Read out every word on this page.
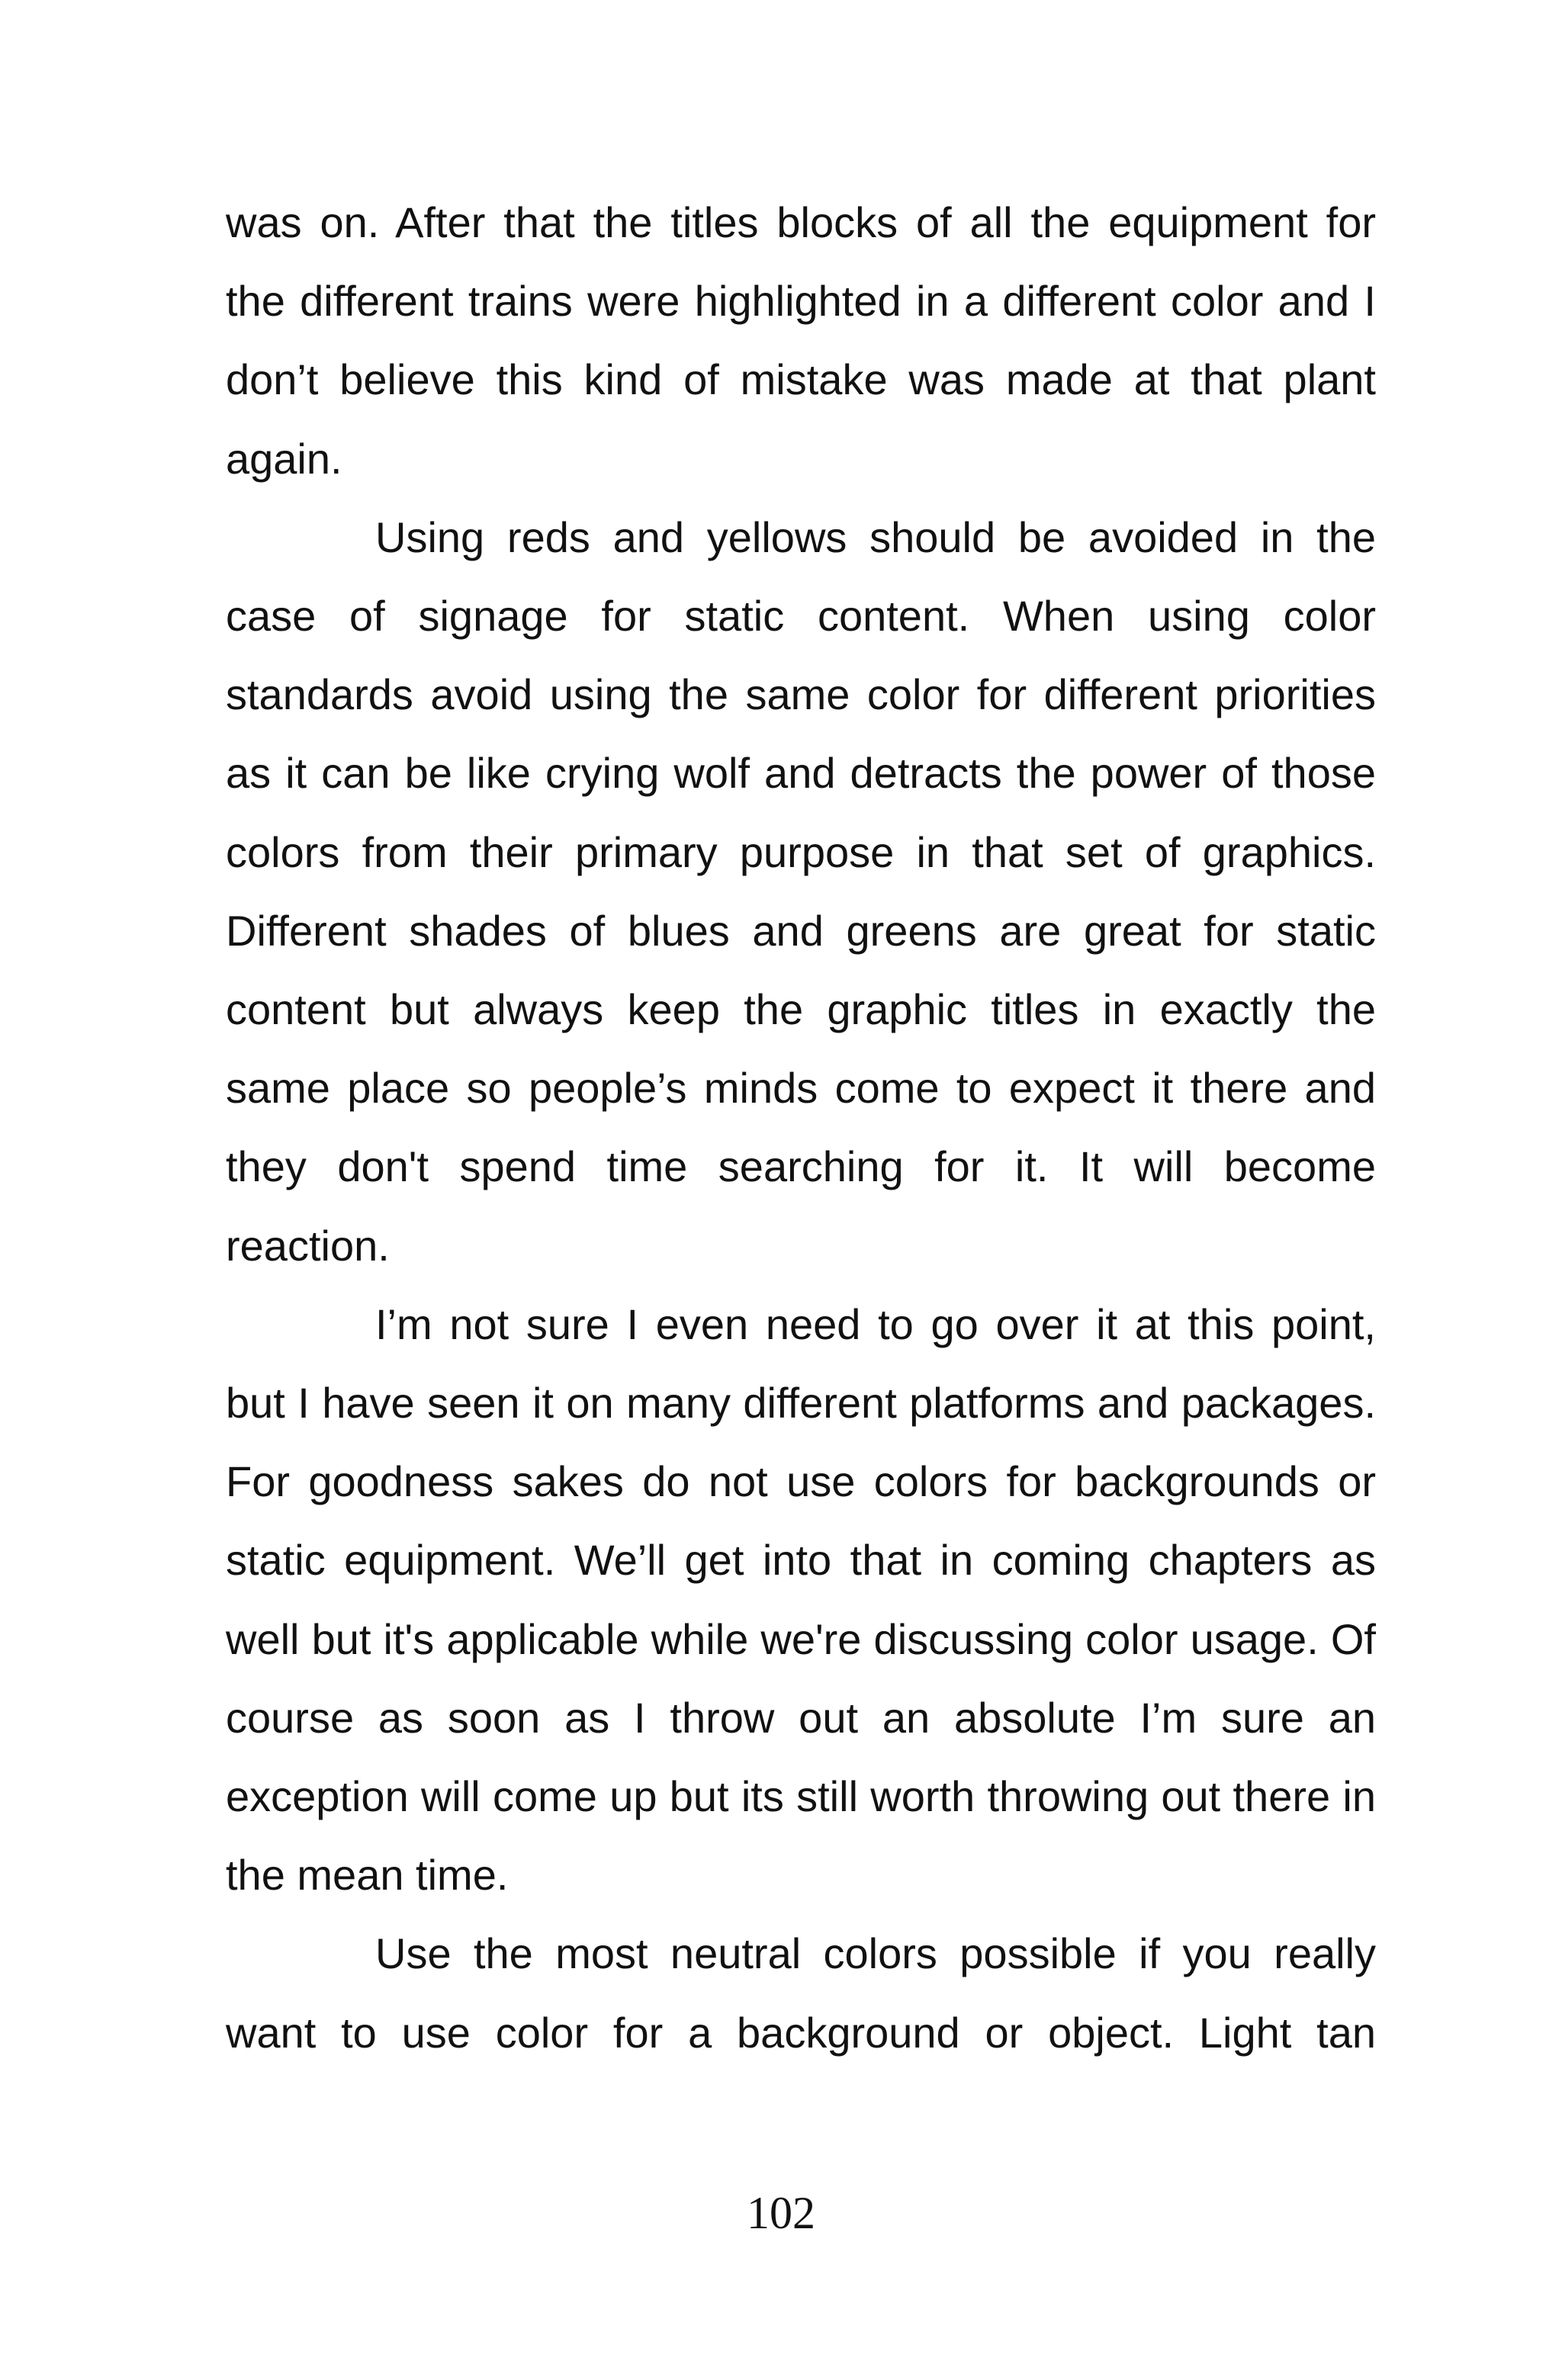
was on. After that the titles blocks of all the equipment for the different trains were highlighted in a different color and I don’t believe this kind of mistake was made at that plant again.

Using reds and yellows should be avoided in the case of signage for static content. When using color standards avoid using the same color for different priorities as it can be like crying wolf and detracts the power of those colors from their primary purpose in that set of graphics. Different shades of blues and greens are great for static content but always keep the graphic titles in exactly the same place so people’s minds come to expect it there and they don't spend time searching for it. It will become reaction.

I’m not sure I even need to go over it at this point, but I have seen it on many different platforms and packages. For goodness sakes do not use colors for backgrounds or static equipment. We’ll get into that in coming chapters as well but it's applicable while we're discussing color usage. Of course as soon as I throw out an absolute I’m sure an exception will come up but its still worth throwing out there in the mean time.

Use the most neutral colors possible if you really want to use color for a background or object. Light tan

102
